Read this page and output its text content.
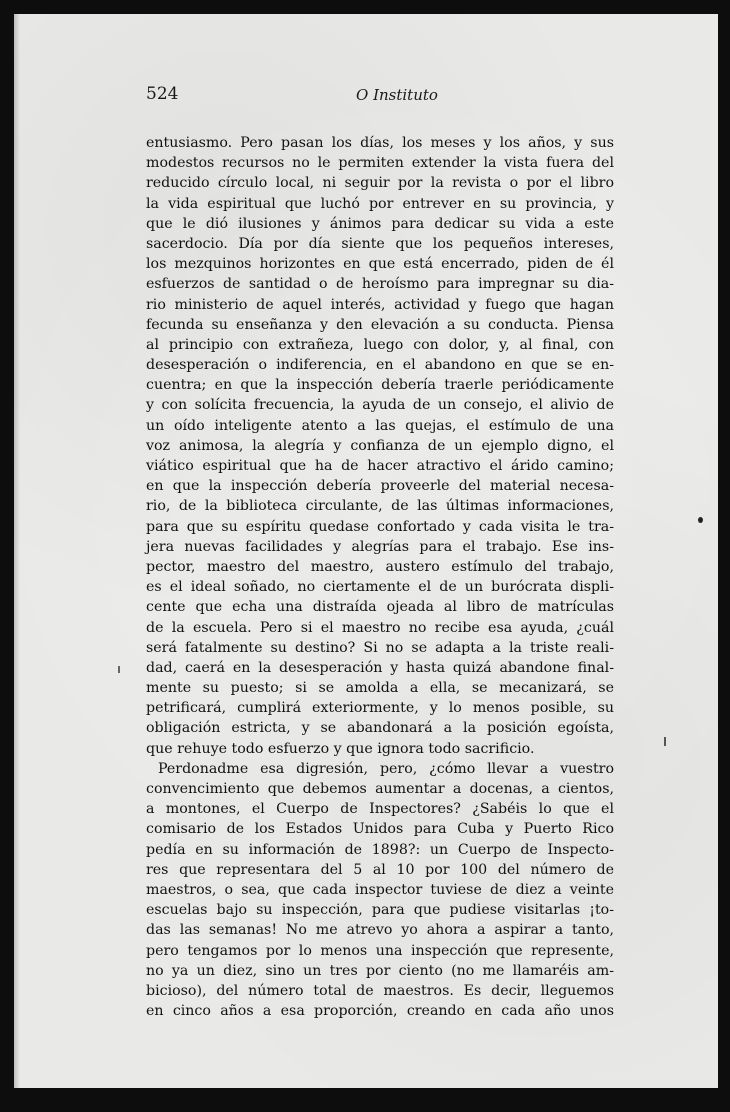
524	O Instituto
entusiasmo. Pero pasan los días, los meses y los años, y sus
modestos recursos no le permiten extender la vista fuera del
reducido círculo local, ni seguir por la revista o por el libro
la vida espiritual que luchó por entrever en su provincia, y
que le dió ilusiones y ánimos para dedicar su vida a este
sacerdocio. Día por día siente que los pequeños intereses,
los mezquinos horizontes en que está encerrado, piden de él
esfuerzos de santidad o de heroísmo para impregnar su dia-
rio ministerio de aquel interés, actividad y fuego que hagan
fecunda su enseñanza y den elevación a su conducta. Piensa
al principio con extrañeza, luego con dolor, y, al final, con
desesperación o indiferencia, en el abandono en que se en-
cuentra; en que la inspección debería traerle periódicamente
y con solícita frecuencia, la ayuda de un consejo, el alivio de
un oído inteligente atento a las quejas, el estímulo de una
voz animosa, la alegría y confianza de un ejemplo digno, el
viático espiritual que ha de hacer atractivo el árido camino;
en que la inspección debería proveerle del material necesa-
rio, de la biblioteca circulante, de las últimas informaciones,
para que su espíritu quedase confortado y cada visita le tra-
jera nuevas facilidades y alegrías para el trabajo. Ese ins-
pector, maestro del maestro, austero estímulo del trabajo,
es el ideal soñado, no ciertamente el de un burócrata displi-
cente que echa una distraída ojeada al libro de matrículas
de la escuela. Pero si el maestro no recibe esa ayuda, ¿cuál
será fatalmente su destino? Si no se adapta a la triste reali-
dad, caerá en la desesperación y hasta quizá abandone final-
mente su puesto; si se amolda a ella, se mecanizará, se
petrificará, cumplirá exteriormente, y lo menos posible, su
obligación estricta, y se abandonará a la posición egoísta,
que rehuye todo esfuerzo y que ignora todo sacrificio.
Perdonadme esa digresión, pero, ¿cómo llevar a vuestro
convencimiento que debemos aumentar a docenas, a cientos,
a montones, el Cuerpo de Inspectores? ¿Sabéis lo que el
comisario de los Estados Unidos para Cuba y Puerto Rico
pedía en su información de 1898?: un Cuerpo de Inspecto-
res que representara del 5 al 10 por 100 del número de
maestros, o sea, que cada inspector tuviese de diez a veinte
escuelas bajo su inspección, para que pudiese visitarlas ¡to-
das las semanas! No me atrevo yo ahora a aspirar a tanto,
pero tengamos por lo menos una inspección que represente,
no ya un diez, sino un tres por ciento (no me llamaréis am-
bicioso), del número total de maestros. Es decir, lleguemos
en cinco años a esa proporción, creando en cada año unos
